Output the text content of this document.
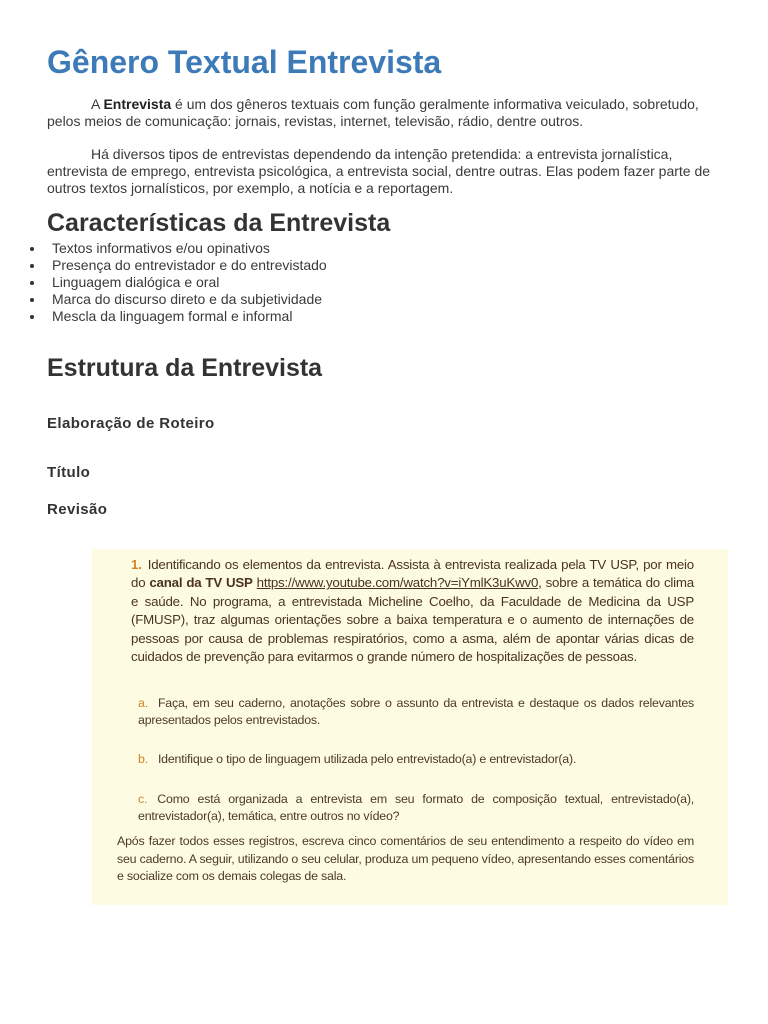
Gênero Textual Entrevista

A Entrevista é um dos gêneros textuais com função geralmente informativa veiculado, sobretudo, pelos meios de comunicação: jornais, revistas, internet, televisão, rádio, dentre outros.

Há diversos tipos de entrevistas dependendo da intenção pretendida: a entrevista jornalística, entrevista de emprego, entrevista psicológica, a entrevista social, dentre outras. Elas podem fazer parte de outros textos jornalísticos, por exemplo, a notícia e a reportagem.

Características da Entrevista
Textos informativos e/ou opinativos
Presença do entrevistador e do entrevistado
Linguagem dialógica e oral
Marca do discurso direto e da subjetividade
Mescla da linguagem formal e informal
Estrutura da Entrevista
Elaboração de Roteiro
Título
Revisão

1. Identificando os elementos da entrevista. Assista à entrevista realizada pela TV USP, por meio do canal da TV USP https://www.youtube.com/watch?v=iYmlK3uKwv0, sobre a temática do clima e saúde. No programa, a entrevistada Micheline Coelho, da Faculdade de Medicina da USP (FMUSP), traz algumas orientações sobre a baixa temperatura e o aumento de internações de pessoas por causa de problemas respiratórios, como a asma, além de apontar várias dicas de cuidados de prevenção para evitarmos o grande número de hospitalizações de pessoas.

a. Faça, em seu caderno, anotações sobre o assunto da entrevista e destaque os dados relevantes apresentados pelos entrevistados.

b. Identifique o tipo de linguagem utilizada pelo entrevistado(a) e entrevistador(a).

c. Como está organizada a entrevista em seu formato de composição textual, entrevistado(a), entrevistador(a), temática, entre outros no vídeo?

Após fazer todos esses registros, escreva cinco comentários de seu entendimento a respeito do vídeo em seu caderno. A seguir, utilizando o seu celular, produza um pequeno vídeo, apresentando esses comentários e socialize com os demais colegas de sala.
